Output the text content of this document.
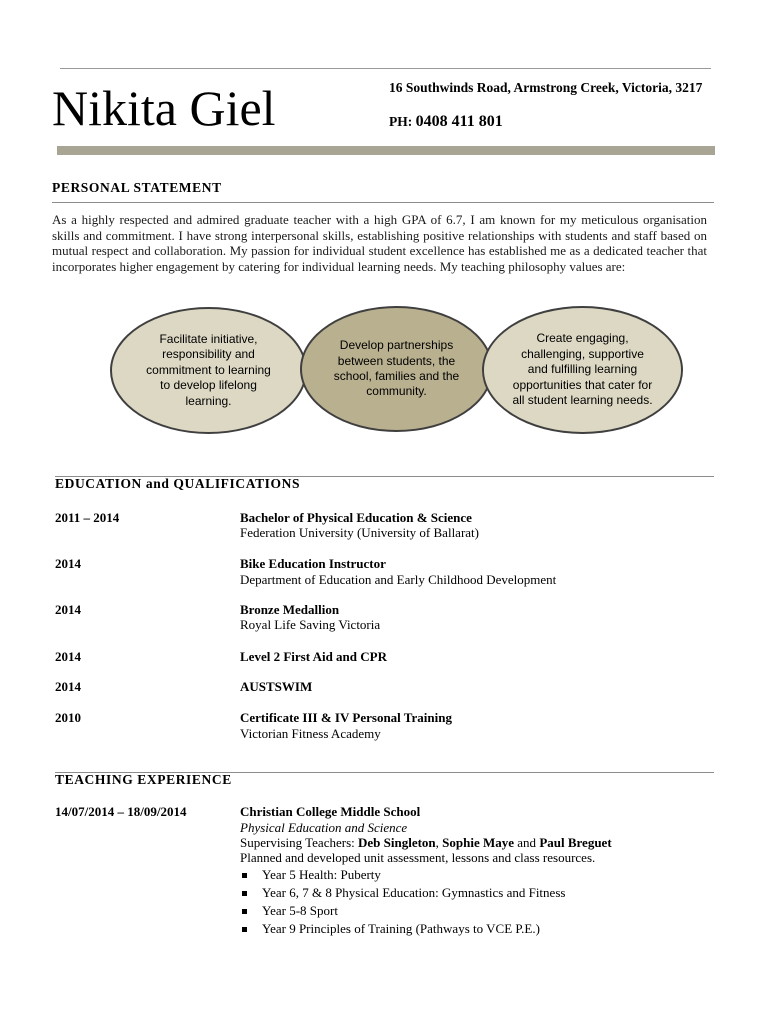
Nikita Giel	16 Southwinds Road, Armstrong Creek, Victoria, 3217
PH: 0408 411 801
PERSONAL STATEMENT
As a highly respected and admired graduate teacher with a high GPA of 6.7, I am known for my meticulous organisation skills and commitment. I have strong interpersonal skills, establishing positive relationships with students and staff based on mutual respect and collaboration. My passion for individual student excellence has established me as a dedicated teacher that incorporates higher engagement by catering for individual learning needs. My teaching philosophy values are:
Facilitate initiative, responsibility and commitment to learning to develop lifelong learning.
Develop partnerships between students, the school, families and the community.
Create engaging, challenging, supportive and fulfilling learning opportunities that cater for all student learning needs.
EDUCATION and QUALIFICATIONS
2011 – 2014	Bachelor of Physical Education & Science
Federation University (University of Ballarat)
2014	Bike Education Instructor
Department of Education and Early Childhood Development
2014	Bronze Medallion
Royal Life Saving Victoria
2014	Level 2 First Aid and CPR
2014	AUSTSWIM
2010	Certificate III & IV Personal Training
Victorian Fitness Academy
TEACHING EXPERIENCE
14/07/2014 – 18/09/2014	Christian College Middle School
Physical Education and Science
Supervising Teachers: Deb Singleton, Sophie Maye and Paul Breguet
Planned and developed unit assessment, lessons and class resources.
Year 5 Health: Puberty
Year 6, 7 & 8 Physical Education: Gymnastics and Fitness
Year 5-8 Sport
Year 9 Principles of Training (Pathways to VCE P.E.)
